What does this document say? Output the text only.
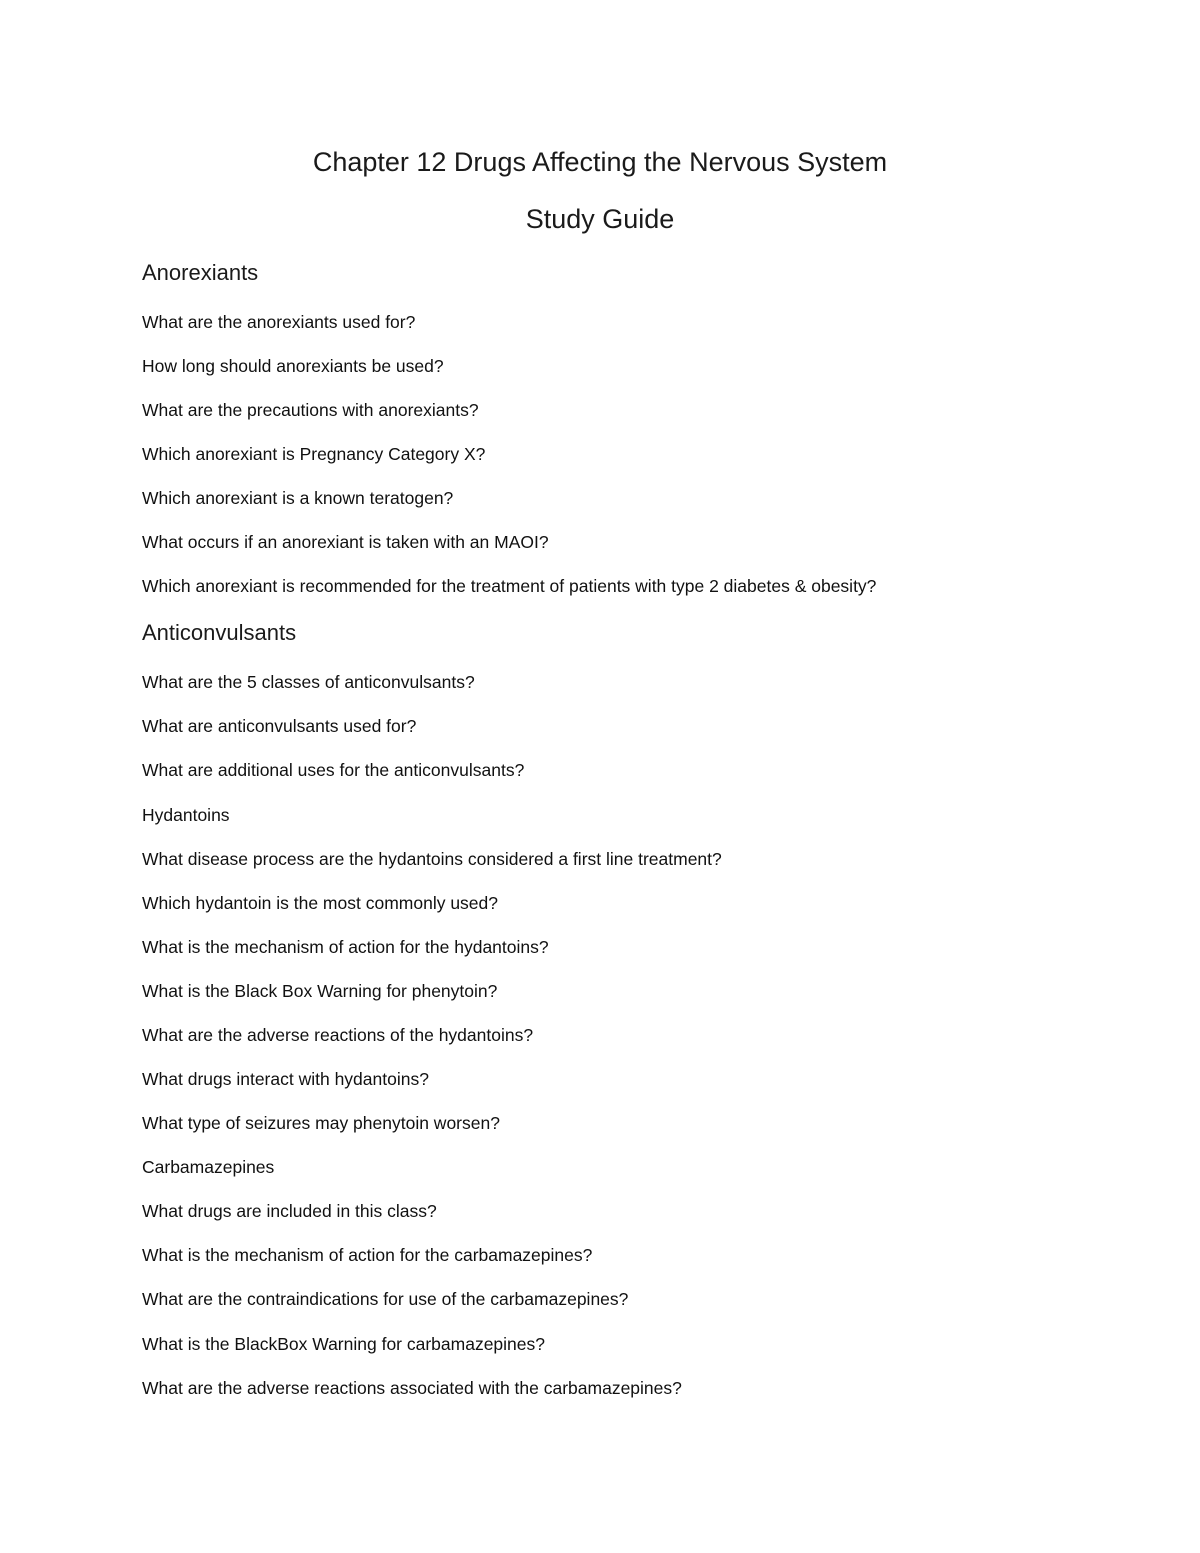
Chapter 12 Drugs Affecting the Nervous System
Study Guide
Anorexiants

What are the anorexiants used for?

How long should anorexiants be used?

What are the precautions with anorexiants?

Which anorexiant is Pregnancy Category X?

Which anorexiant is a known teratogen?

What occurs if an anorexiant is taken with an MAOI?

Which anorexiant is recommended for the treatment of patients with type 2 diabetes & obesity?

Anticonvulsants

What are the 5 classes of anticonvulsants?

What are anticonvulsants used for?

What are additional uses for the anticonvulsants?

Hydantoins

What disease process are the hydantoins considered a first line treatment?

Which hydantoin is the most commonly used?

What is the mechanism of action for the hydantoins?

What is the Black Box Warning for phenytoin?

What are the adverse reactions of the hydantoins?

What drugs interact with hydantoins?

What type of seizures may phenytoin worsen?

Carbamazepines

What drugs are included in this class?

What is the mechanism of action for the carbamazepines?

What are the contraindications for use of the carbamazepines?

What is the BlackBox Warning for carbamazepines?

What are the adverse reactions associated with the carbamazepines?
